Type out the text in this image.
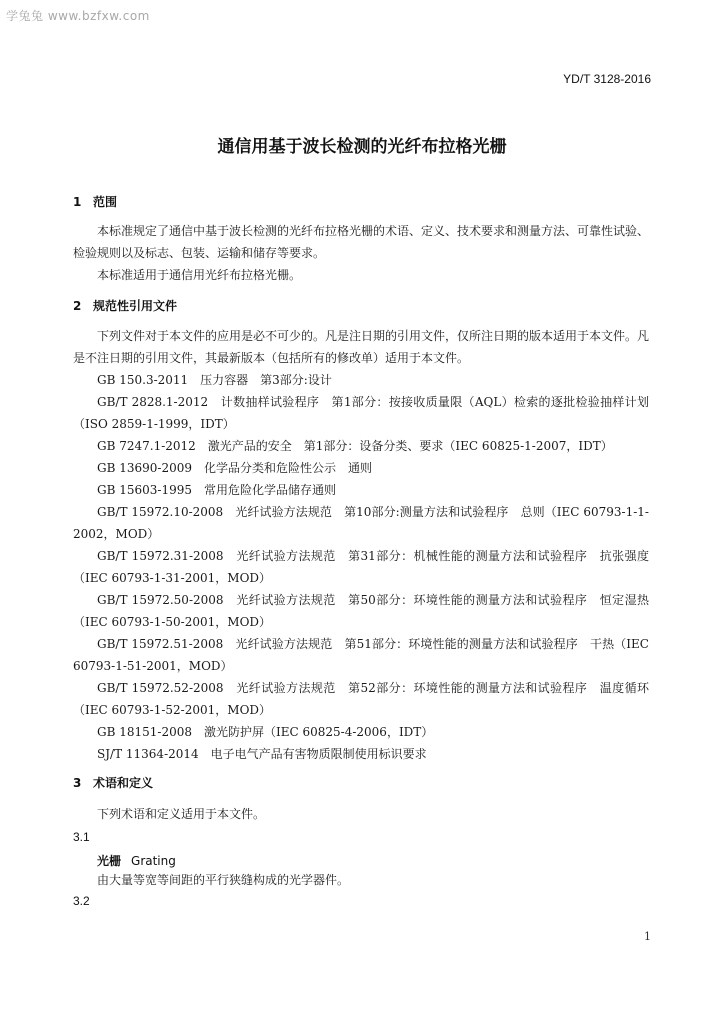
学兔兔 www.bzfxw.com
YD/T 3128-2016
通信用基于波长检测的光纤布拉格光栅
1 范围
本标准规定了通信中基于波长检测的光纤布拉格光栅的术语、定义、技术要求和测量方法、可靠性试验、检验规则以及标志、包装、运输和储存等要求。
本标准适用于通信用光纤布拉格光栅。
2 规范性引用文件
下列文件对于本文件的应用是必不可少的。凡是注日期的引用文件，仅所注日期的版本适用于本文件。凡是不注日期的引用文件，其最新版本（包括所有的修改单）适用于本文件。
GB 150.3-2011　压力容器　第3部分:设计
GB/T 2828.1-2012　计数抽样试验程序　第1部分：按接收质量限（AQL）检索的逐批检验抽样计划（ISO 2859-1-1999，IDT）
GB 7247.1-2012　激光产品的安全　第1部分：设备分类、要求（IEC 60825-1-2007，IDT）
GB 13690-2009　化学品分类和危险性公示　通则
GB 15603-1995　常用危险化学品储存通则
GB/T 15972.10-2008　光纤试验方法规范　第10部分:测量方法和试验程序　总则（IEC 60793-1-1-2002，MOD）
GB/T 15972.31-2008　光纤试验方法规范　第31部分：机械性能的测量方法和试验程序　抗张强度（IEC 60793-1-31-2001，MOD）
GB/T 15972.50-2008　光纤试验方法规范　第50部分：环境性能的测量方法和试验程序　恒定湿热（IEC 60793-1-50-2001，MOD）
GB/T 15972.51-2008　光纤试验方法规范　第51部分：环境性能的测量方法和试验程序　干热（IEC 60793-1-51-2001，MOD）
GB/T 15972.52-2008　光纤试验方法规范　第52部分：环境性能的测量方法和试验程序　温度循环（IEC 60793-1-52-2001，MOD）
GB 18151-2008　激光防护屏（IEC 60825-4-2006，IDT）
SJ/T 11364-2014　电子电气产品有害物质限制使用标识要求
3 术语和定义
下列术语和定义适用于本文件。
3.1
光栅 Grating
由大量等宽等间距的平行狭缝构成的光学器件。
3.2
1
